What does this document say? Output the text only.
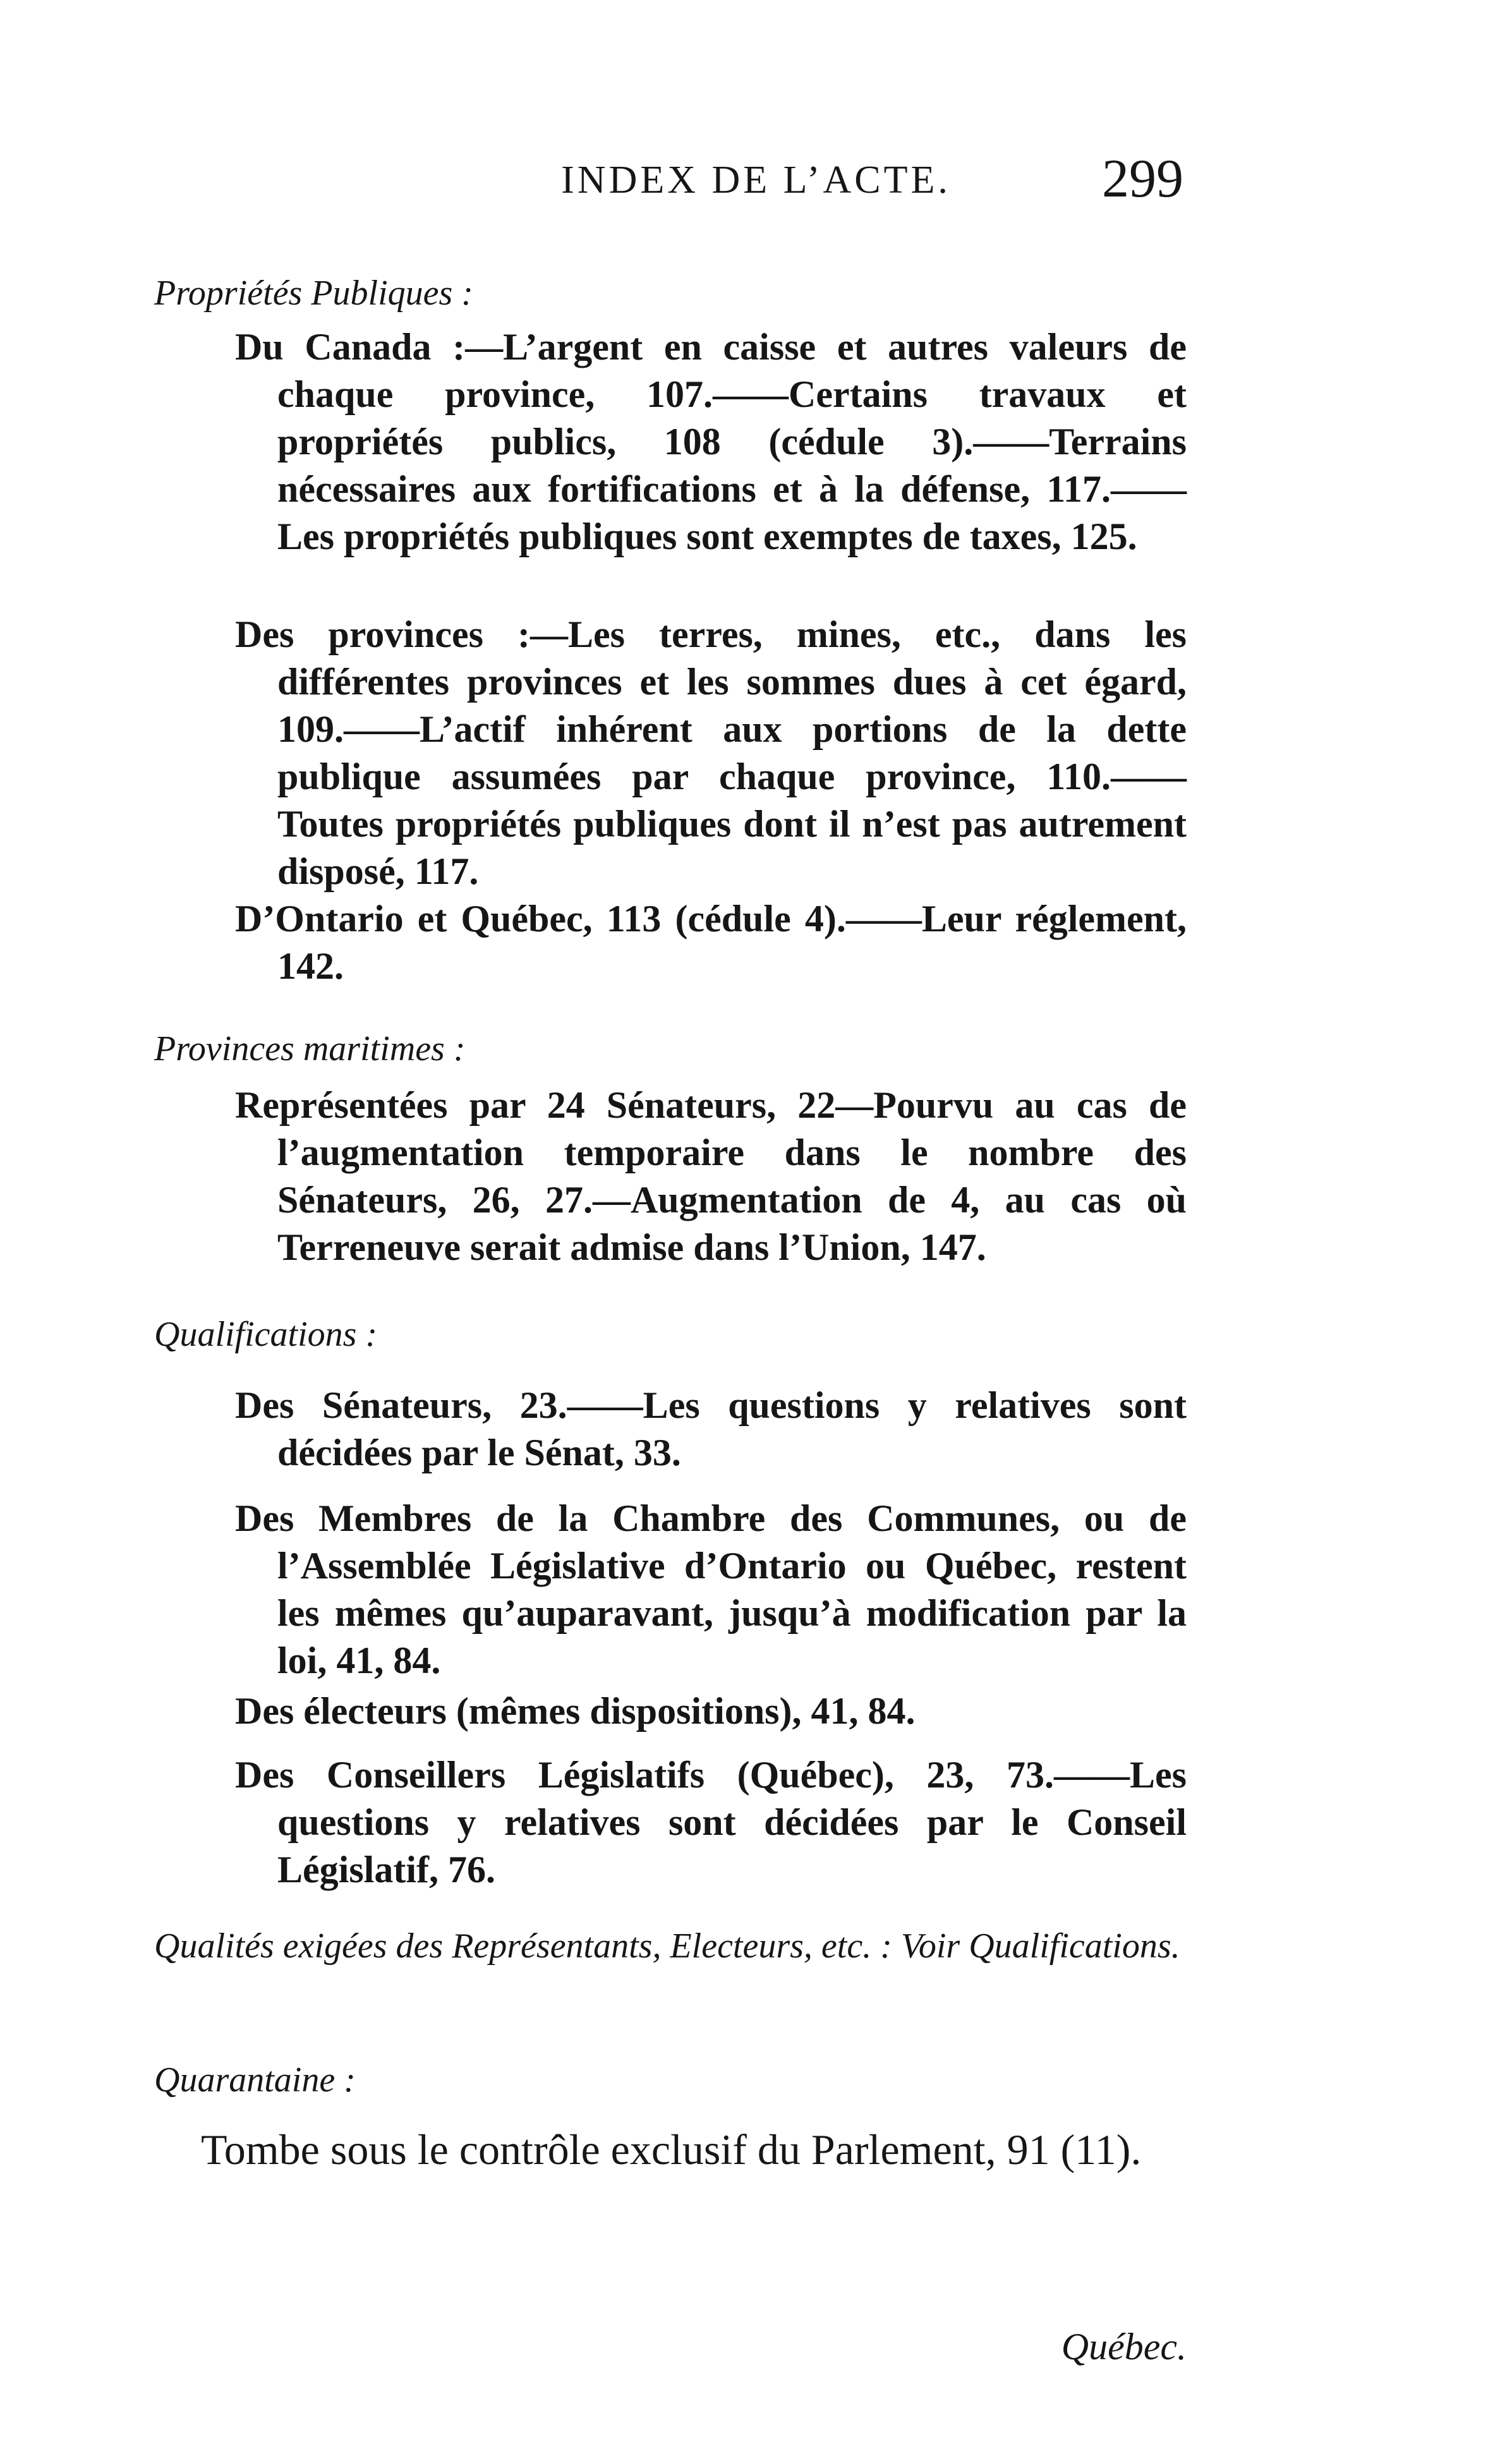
INDEX DE L’ACTE.	299
Propriétés Publiques :
Du Canada :—L’argent en caisse et autres valeurs de chaque province, 107.——Certains travaux et propriétés publics, 108 (cédule 3).——Terrains nécessaires aux fortifications et à la défense, 117.—— Les propriétés publiques sont exemptes de taxes, 125.
Des provinces :—Les terres, mines, etc., dans les différentes provinces et les sommes dues à cet égard, 109.——L’actif inhérent aux portions de la dette publique assumées par chaque province, 110.—— Toutes propriétés publiques dont il n’est pas autrement disposé, 117.
D’Ontario et Québec, 113 (cédule 4).——Leur réglement, 142.
Provinces maritimes :
Représentées par 24 Sénateurs, 22—Pourvu au cas de l’augmentation temporaire dans le nombre des Sénateurs, 26, 27.—Augmentation de 4, au cas où Terreneuve serait admise dans l’Union, 147.
Qualifications :
Des Sénateurs, 23.——Les questions y relatives sont décidées par le Sénat, 33.
Des Membres de la Chambre des Communes, ou de l’Assemblée Législative d’Ontario ou Québec, restent les mêmes qu’auparavant, jusqu’à modification par la loi, 41, 84.
Des électeurs (mêmes dispositions), 41, 84.
Des Conseillers Législatifs (Québec), 23, 73.——Les questions y relatives sont décidées par le Conseil Législatif, 76.
Qualités exigées des Représentants, Electeurs, etc. : Voir Qualifications.
Quarantaine :
Tombe sous le contrôle exclusif du Parlement, 91 (11).
Québec.
